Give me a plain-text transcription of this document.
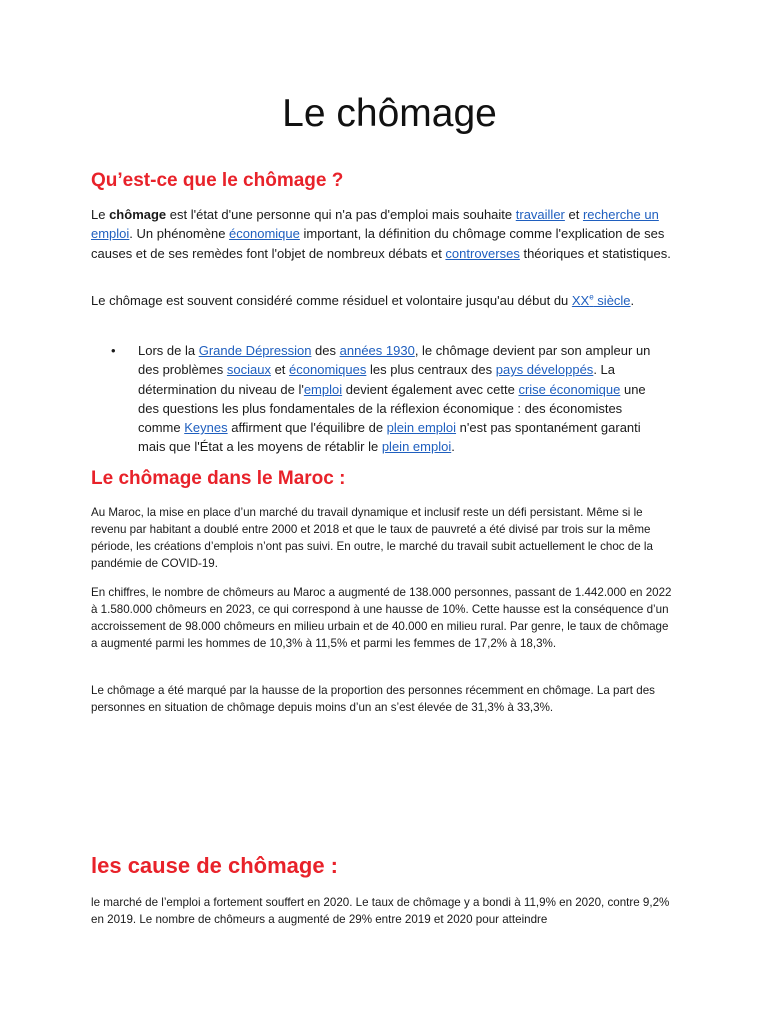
Le chômage
Qu’est-ce que le chômage ?

Le chômage est l'état d'une personne qui n'a pas d'emploi mais souhaite travailler et recherche un emploi. Un phénomène économique important, la définition du chômage comme l'explication de ses causes et de ses remèdes font l'objet de nombreux débats et controverses théoriques et statistiques.

Le chômage est souvent considéré comme résiduel et volontaire jusqu'au début du XXe siècle.

• Lors de la Grande Dépression des années 1930, le chômage devient par son ampleur un des problèmes sociaux et économiques les plus centraux des pays développés. La détermination du niveau de l'emploi devient également avec cette crise économique une des questions les plus fondamentales de la réflexion économique : des économistes comme Keynes affirment que l'équilibre de plein emploi n'est pas spontanément garanti mais que l'État a les moyens de rétablir le plein emploi.

Le chômage dans le Maroc :

Au Maroc, la mise en place d’un marché du travail dynamique et inclusif reste un défi persistant. Même si le revenu par habitant a doublé entre 2000 et 2018 et que le taux de pauvreté a été divisé par trois sur la même période, les créations d’emplois n’ont pas suivi. En outre, le marché du travail subit actuellement le choc de la pandémie de COVID-19.

En chiffres, le nombre de chômeurs au Maroc a augmenté de 138.000 personnes, passant de 1.442.000 en 2022 à 1.580.000 chômeurs en 2023, ce qui correspond à une hausse de 10%. Cette hausse est la conséquence d’un accroissement de 98.000 chômeurs en milieu urbain et de 40.000 en milieu rural. Par genre, le taux de chômage a augmenté parmi les hommes de 10,3% à 11,5% et parmi les femmes de 17,2% à 18,3%.

Le chômage a été marqué par la hausse de la proportion des personnes récemment en chômage. La part des personnes en situation de chômage depuis moins d’un an s’est élevée de 31,3% à 33,3%.

les cause de chômage :

le marché de l’emploi a fortement souffert en 2020. Le taux de chômage y a bondi à 11,9% en 2020, contre 9,2% en 2019. Le nombre de chômeurs a augmenté de 29% entre 2019 et 2020 pour atteindre
